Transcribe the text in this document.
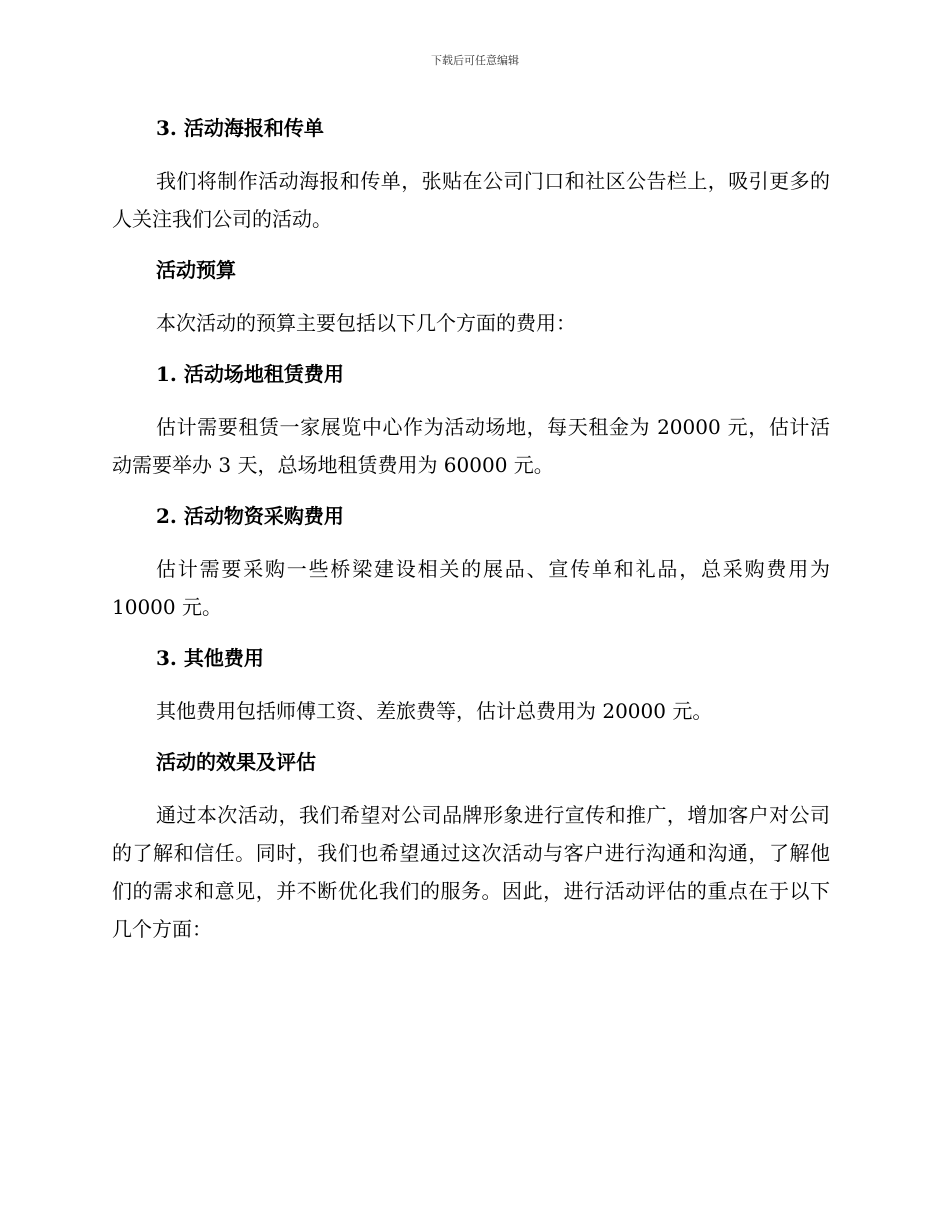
下载后可任意编辑
3. 活动海报和传单
我们将制作活动海报和传单，张贴在公司门口和社区公告栏上，吸引更多的人关注我们公司的活动。
活动预算
本次活动的预算主要包括以下几个方面的费用：
1. 活动场地租赁费用
估计需要租赁一家展览中心作为活动场地，每天租金为 20000 元，估计活动需要举办 3 天，总场地租赁费用为 60000 元。
2. 活动物资采购费用
估计需要采购一些桥梁建设相关的展品、宣传单和礼品，总采购费用为 10000 元。
3. 其他费用
其他费用包括师傅工资、差旅费等，估计总费用为 20000 元。
活动的效果及评估
通过本次活动，我们希望对公司品牌形象进行宣传和推广，增加客户对公司的了解和信任。同时，我们也希望通过这次活动与客户进行沟通和沟通，了解他们的需求和意见，并不断优化我们的服务。因此，进行活动评估的重点在于以下几个方面：
